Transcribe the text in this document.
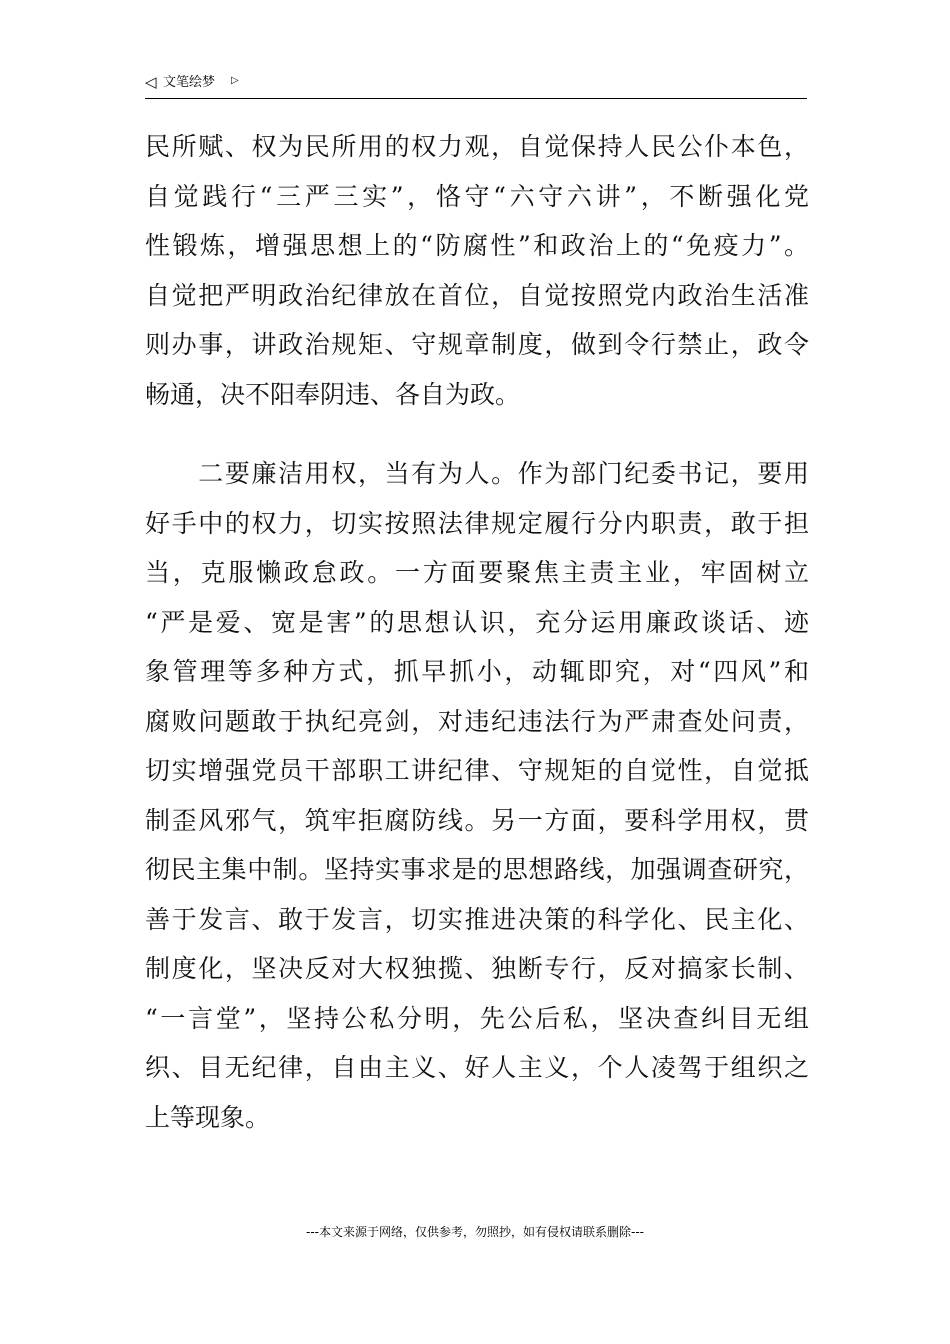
◁ 文笔绘梦 ▷
民所赋、权为民所用的权力观，自觉保持人民公仆本色，
自觉践行“三严三实”，恪守“六守六讲”，不断强化党
性锻炼，增强思想上的“防腐性”和政治上的“免疫力”。
自觉把严明政治纪律放在首位，自觉按照党内政治生活准
则办事，讲政治规矩、守规章制度，做到令行禁止，政令
畅通，决不阳奉阴违、各自为政。
　　二要廉洁用权，当有为人。作为部门纪委书记，要用
好手中的权力，切实按照法律规定履行分内职责，敢于担
当，克服懒政怠政。一方面要聚焦主责主业，牢固树立
“严是爱、宽是害”的思想认识，充分运用廉政谈话、迹
象管理等多种方式，抓早抓小，动辄即究，对“四风”和
腐败问题敢于执纪亮剑，对违纪违法行为严肃查处问责，
切实增强党员干部职工讲纪律、守规矩的自觉性，自觉抵
制歪风邪气，筑牢拒腐防线。另一方面，要科学用权，贯
彻民主集中制。坚持实事求是的思想路线，加强调查研究，
善于发言、敢于发言，切实推进决策的科学化、民主化、
制度化，坚决反对大权独揽、独断专行，反对搞家长制、
“一言堂”，坚持公私分明，先公后私，坚决查纠目无组
织、目无纪律，自由主义、好人主义，个人凌驾于组织之
上等现象。
---本文来源于网络，仅供参考，勿照抄，如有侵权请联系删除---
